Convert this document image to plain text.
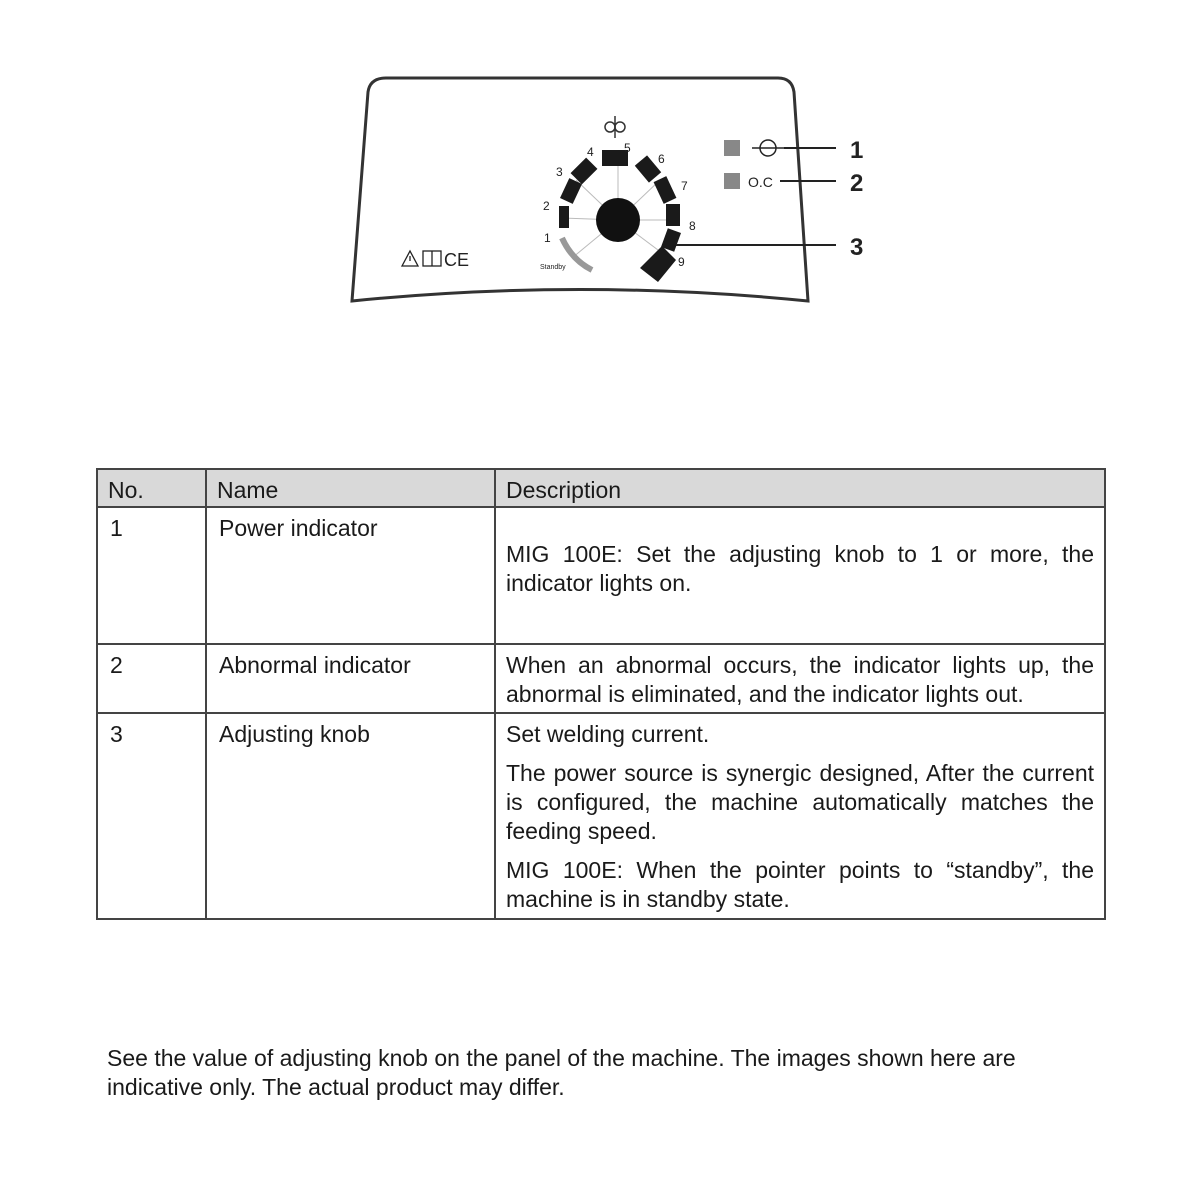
1
2
3
4	5
6
7
8
9
Standby
1
O.C	2
3
CE
No.	Name	Description
1	Power indicator	MIG 100E: Set the adjusting knob to 1 or more, the indicator lights on.

2	Abnormal indicator	When an abnormal occurs, the indicator lights up, the abnormal is eliminated, and the indicator lights out.

3	Adjusting knob	Set welding current.

The power source is synergic designed, After the current is configured, the machine automatically matches the feeding speed.

MIG 100E: When the pointer points to “standby”, the machine is in standby state.

See the value of adjusting knob on the panel of the machine. The images shown here are indicative only. The actual product may differ.
